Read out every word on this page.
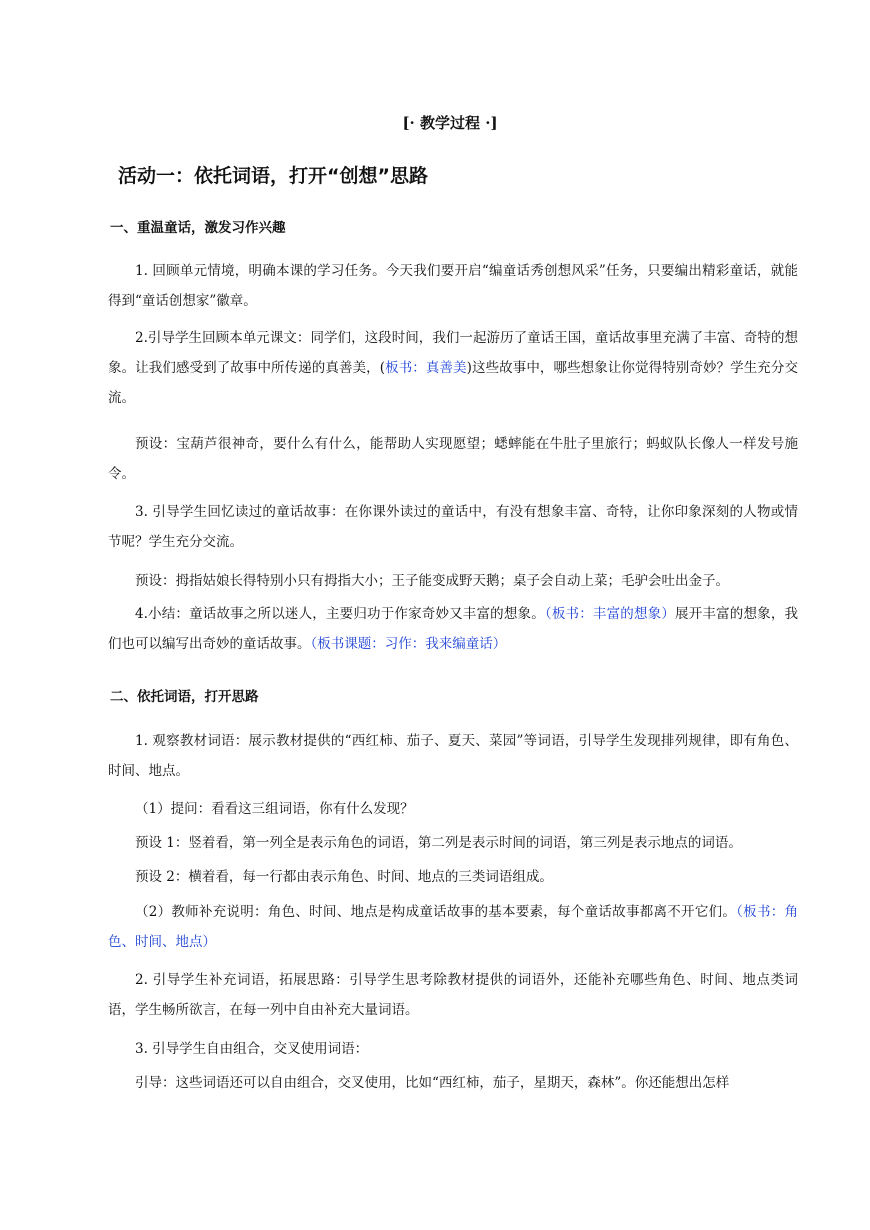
[· 教学过程 ·]
活动一：依托词语，打开“创想”思路
一、重温童话，激发习作兴趣
1. 回顾单元情境，明确本课的学习任务。今天我们要开启“编童话秀创想风采”任务，只要编出精彩童话，就能得到“童话创想家”徽章。
2.引导学生回顾本单元课文：同学们，这段时间，我们一起游历了童话王国，童话故事里充满了丰富、奇特的想象。让我们感受到了故事中所传递的真善美，(板书：真善美)这些故事中，哪些想象让你觉得特别奇妙？学生充分交流。
预设：宝葫芦很神奇，要什么有什么，能帮助人实现愿望；蟋蟀能在牛肚子里旅行；蚂蚁队长像人一样发号施令。
3. 引导学生回忆读过的童话故事：在你课外读过的童话中，有没有想象丰富、奇特，让你印象深刻的人物或情节呢？学生充分交流。
预设：拇指姑娘长得特别小只有拇指大小；王子能变成野天鹅；桌子会自动上菜；毛驴会吐出金子。
4.小结：童话故事之所以迷人，主要归功于作家奇妙又丰富的想象。（板书：丰富的想象）展开丰富的想象，我们也可以编写出奇妙的童话故事。（板书课题：习作：我来编童话）
二、依托词语，打开思路
1. 观察教材词语：展示教材提供的“西红柿、茄子、夏天、菜园”等词语，引导学生发现排列规律，即有角色、时间、地点。
（1）提问：看看这三组词语，你有什么发现？
预设 1：竖着看，第一列全是表示角色的词语，第二列是表示时间的词语，第三列是表示地点的词语。
预设 2：横着看，每一行都由表示角色、时间、地点的三类词语组成。
（2）教师补充说明：角色、时间、地点是构成童话故事的基本要素，每个童话故事都离不开它们。（板书：角色、时间、地点）
2. 引导学生补充词语，拓展思路：引导学生思考除教材提供的词语外，还能补充哪些角色、时间、地点类词语，学生畅所欲言，在每一列中自由补充大量词语。
3. 引导学生自由组合，交叉使用词语：
引导：这些词语还可以自由组合，交叉使用，比如“西红柿，茄子，星期天，森林”。你还能想出怎样
